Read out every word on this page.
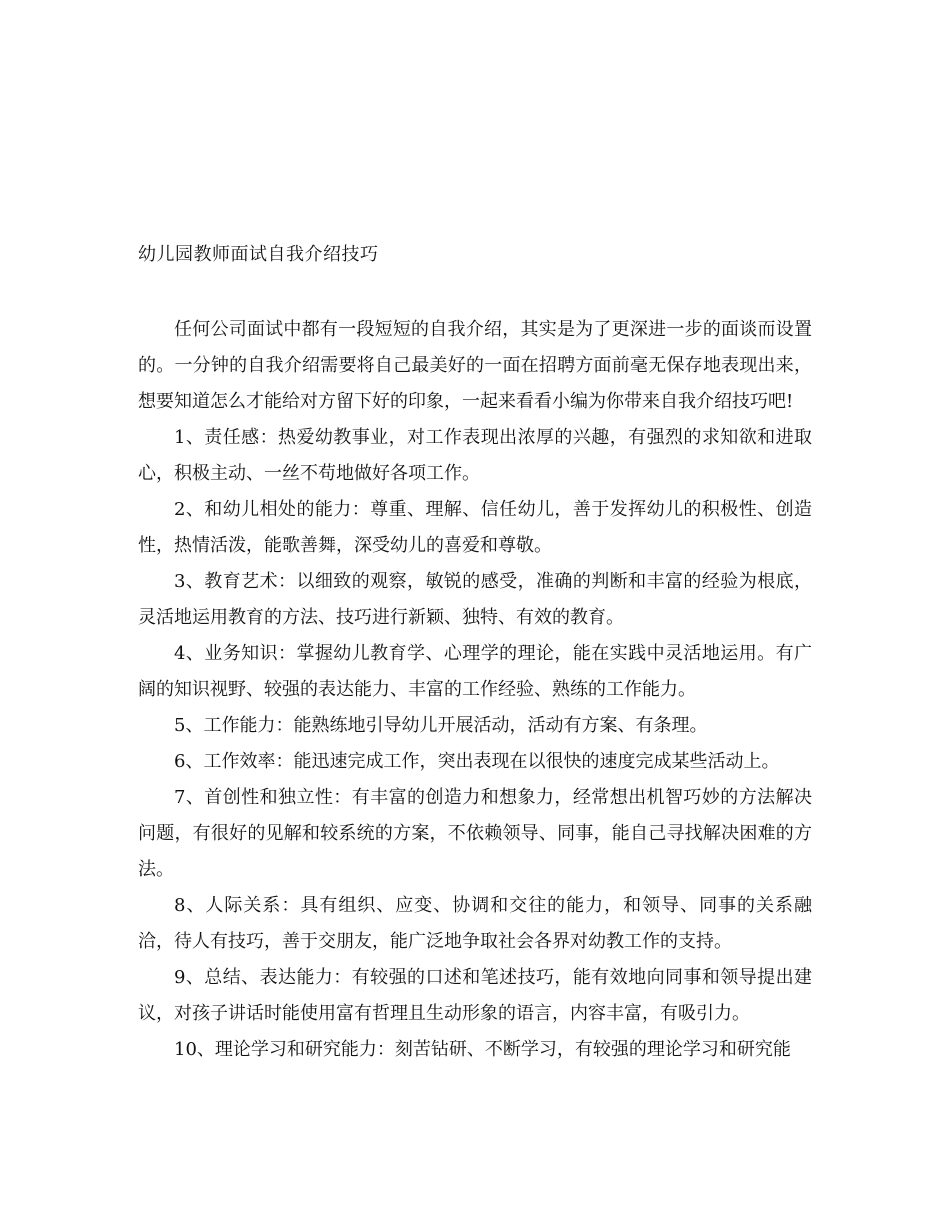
幼儿园教师面试自我介绍技巧

任何公司面试中都有一段短短的自我介绍，其实是为了更深进一步的面谈而设置的。一分钟的自我介绍需要将自己最美好的一面在招聘方面前毫无保存地表现出来，想要知道怎么才能给对方留下好的印象，一起来看看小编为你带来自我介绍技巧吧!

1、责任感：热爱幼教事业，对工作表现出浓厚的兴趣，有强烈的求知欲和进取心，积极主动、一丝不苟地做好各项工作。

2、和幼儿相处的能力：尊重、理解、信任幼儿，善于发挥幼儿的积极性、创造性，热情活泼，能歌善舞，深受幼儿的喜爱和尊敬。

3、教育艺术：以细致的观察，敏锐的感受，准确的判断和丰富的经验为根底，灵活地运用教育的方法、技巧进行新颖、独特、有效的教育。

4、业务知识：掌握幼儿教育学、心理学的理论，能在实践中灵活地运用。有广阔的知识视野、较强的表达能力、丰富的工作经验、熟练的工作能力。

5、工作能力：能熟练地引导幼儿开展活动，活动有方案、有条理。

6、工作效率：能迅速完成工作，突出表现在以很快的速度完成某些活动上。

7、首创性和独立性：有丰富的创造力和想象力，经常想出机智巧妙的方法解决问题，有很好的见解和较系统的方案，不依赖领导、同事，能自己寻找解决困难的方法。

8、人际关系：具有组织、应变、协调和交往的能力，和领导、同事的关系融洽，待人有技巧，善于交朋友，能广泛地争取社会各界对幼教工作的支持。

9、总结、表达能力：有较强的口述和笔述技巧，能有效地向同事和领导提出建议，对孩子讲话时能使用富有哲理且生动形象的语言，内容丰富，有吸引力。

10、理论学习和研究能力：刻苦钻研、不断学习，有较强的理论学习和研究能
